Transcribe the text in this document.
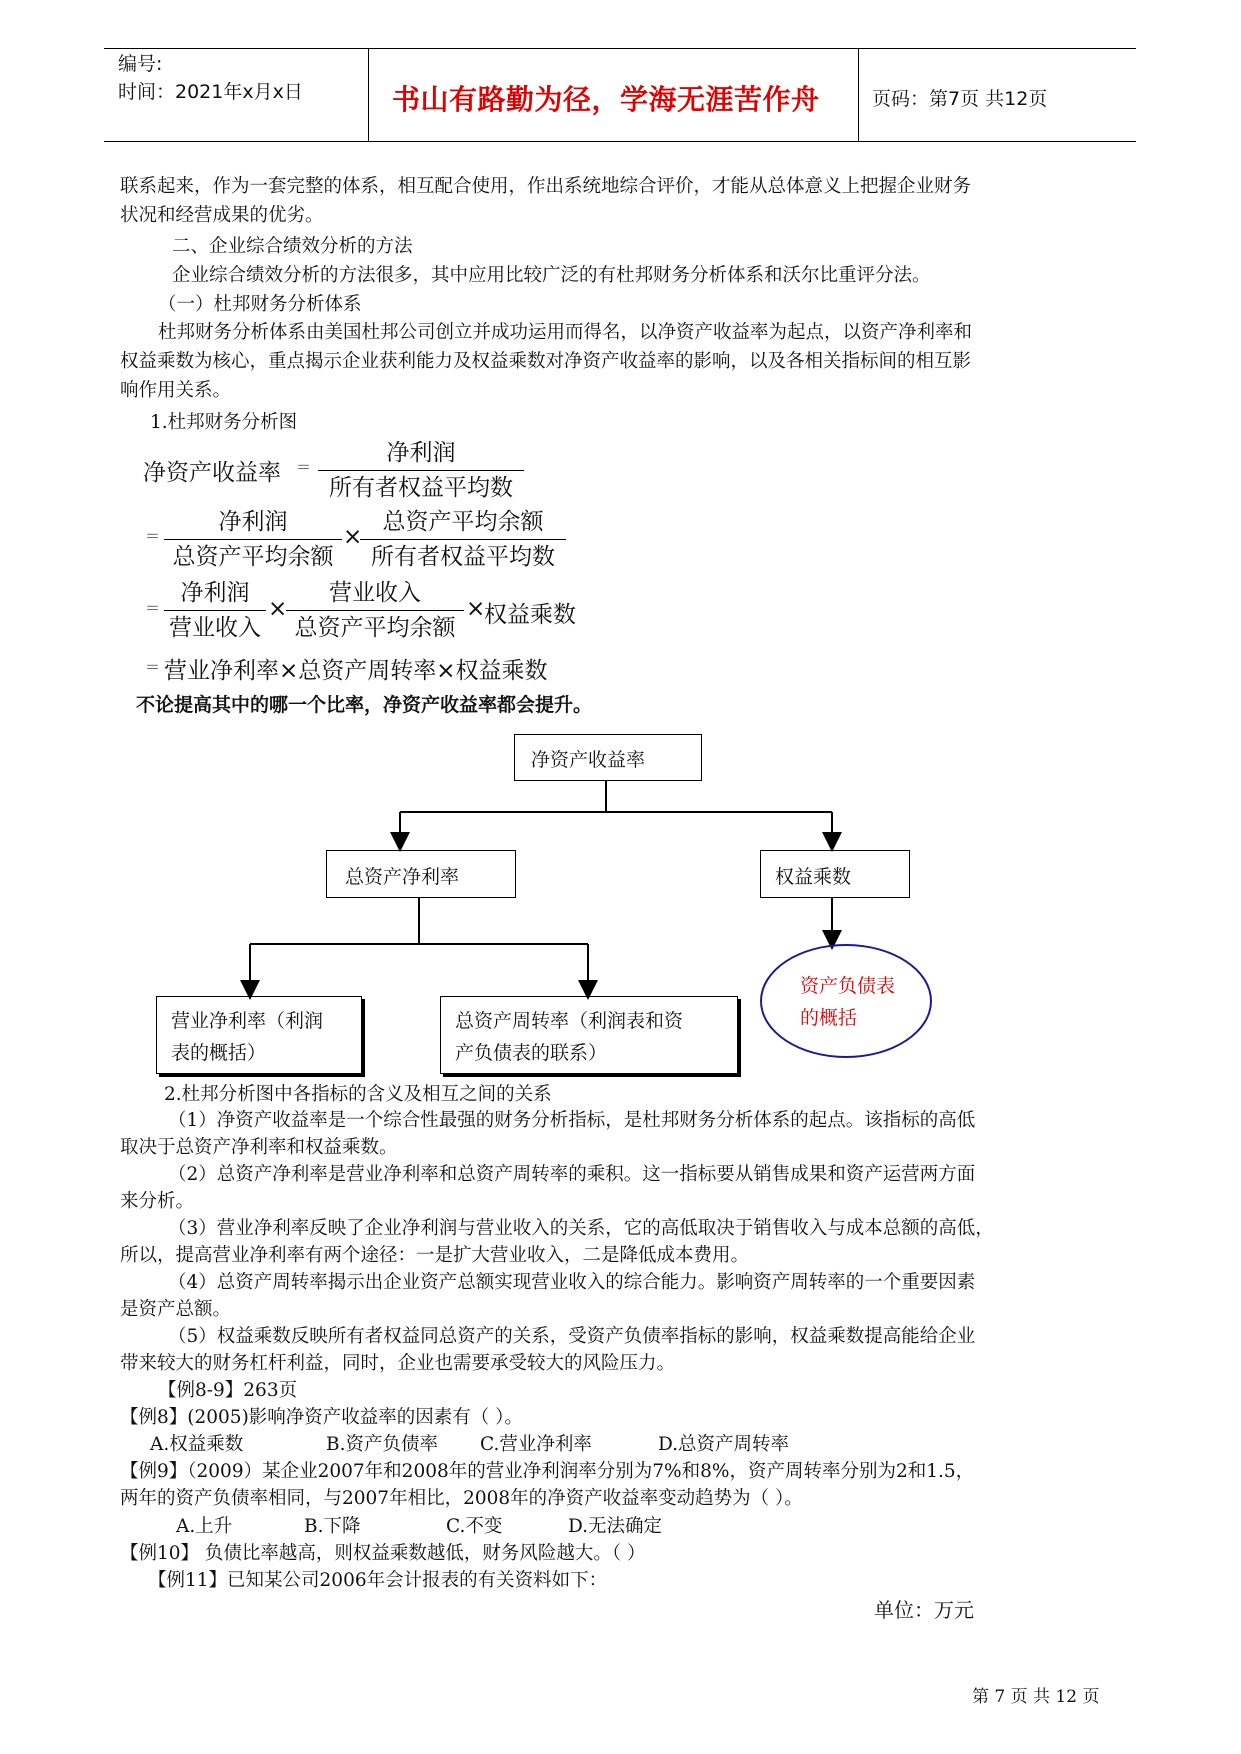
编号:
时间：2021年x月x日	书山有路勤为径，学海无涯苦作舟	页码：第7页 共12页
联系起来，作为一套完整的体系，相互配合使用，作出系统地综合评价，才能从总体意义上把握企业财务
状况和经营成果的优劣。
二、企业综合绩效分析的方法
企业综合绩效分析的方法很多，其中应用比较广泛的有杜邦财务分析体系和沃尔比重评分法。
（一）杜邦财务分析体系
杜邦财务分析体系由美国杜邦公司创立并成功运用而得名，以净资产收益率为起点，以资产净利率和
权益乘数为核心，重点揭示企业获利能力及权益乘数对净资产收益率的影响，以及各相关指标间的相互影
响作用关系。
1.杜邦财务分析图
净资产收益率 ＝
净利润
所有者权益平均数
＝
净利润
总资产平均余额
×
总资产平均余额
所有者权益平均数
＝
净利润
营业收入
×
营业收入
总资产平均余额
×
权益乘数
＝ 营业净利率×总资产周转率×权益乘数
不论提高其中的哪一个比率，净资产收益率都会提升。
净资产收益率
总资产净利率	权益乘数
营业净利率（利润
表的概括）
总资产周转率（利润表和资
产负债表的联系）
资产负债表
的概括
2.杜邦分析图中各指标的含义及相互之间的关系
（1）净资产收益率是一个综合性最强的财务分析指标，是杜邦财务分析体系的起点。该指标的高低
取决于总资产净利率和权益乘数。
（2）总资产净利率是营业净利率和总资产周转率的乘积。这一指标要从销售成果和资产运营两方面
来分析。
（3）营业净利率反映了企业净利润与营业收入的关系，它的高低取决于销售收入与成本总额的高低，
所以，提高营业净利率有两个途径：一是扩大营业收入，二是降低成本费用。
（4）总资产周转率揭示出企业资产总额实现营业收入的综合能力。影响资产周转率的一个重要因素
是资产总额。
（5）权益乘数反映所有者权益同总资产的关系，受资产负债率指标的影响，权益乘数提高能给企业
带来较大的财务杠杆利益，同时，企业也需要承受较大的风险压力。
【例8-9】263页
【例8】(2005)影响净资产收益率的因素有（ ）。
A.权益乘数	B.资产负债率 C.营业净利率	D.总资产周转率
【例9】（2009）某企业2007年和2008年的营业净利润率分别为7%和8%，资产周转率分别为2和1.5，
两年的资产负债率相同，与2007年相比，2008年的净资产收益率变动趋势为（ ）。
A.上升	B.下降	C.不变	D.无法确定
【例10】 负债比率越高，则权益乘数越低，财务风险越大。（ ）
【例11】已知某公司2006年会计报表的有关资料如下：
单位：万元
第 7 页 共 12 页
